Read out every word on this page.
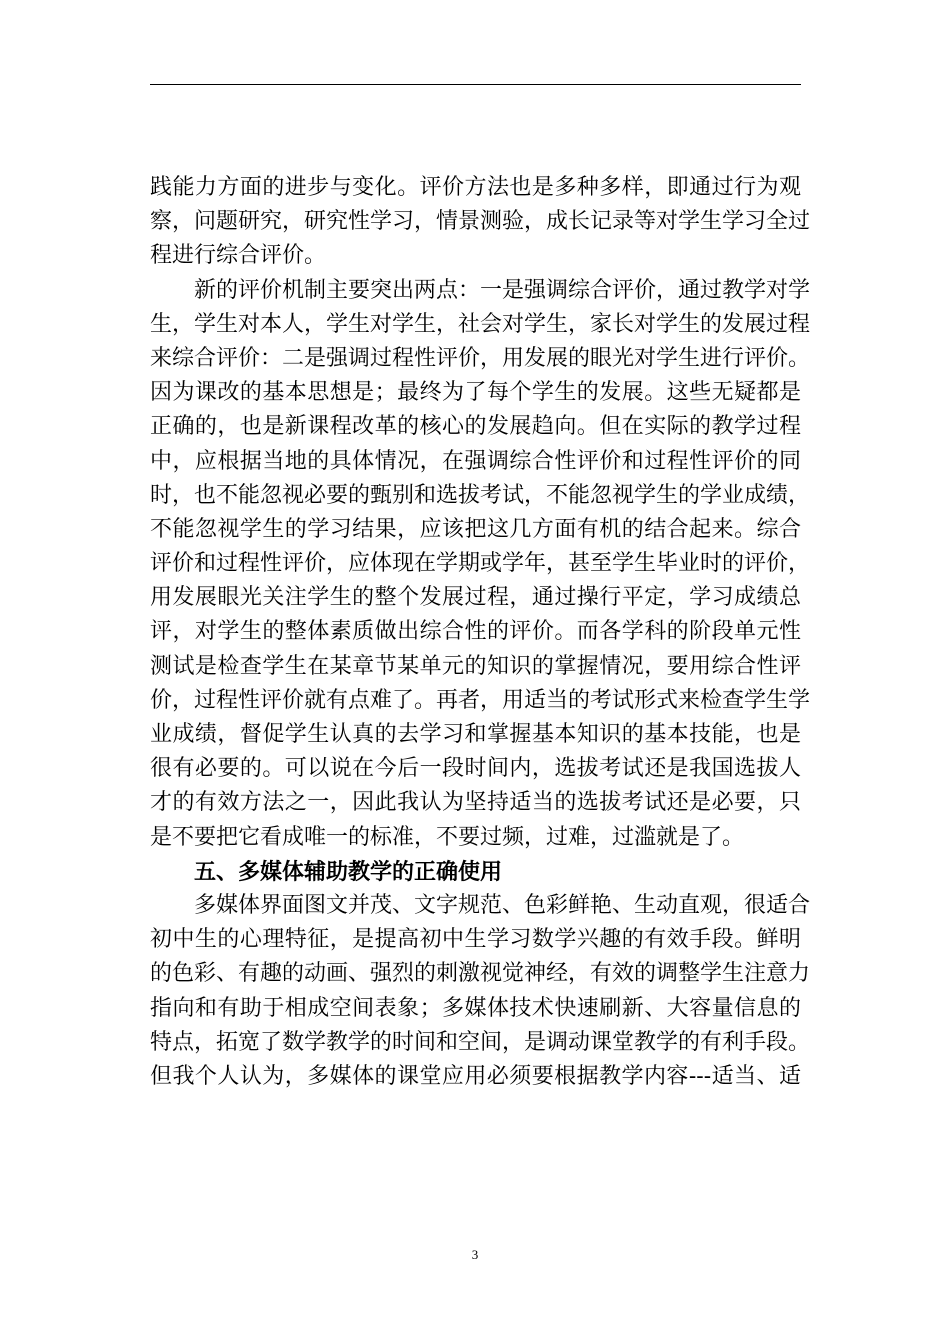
践能力方面的进步与变化。评价方法也是多种多样，即通过行为观
察，问题研究，研究性学习，情景测验，成长记录等对学生学习全过
程进行综合评价。
新的评价机制主要突出两点：一是强调综合评价，通过教学对学
生，学生对本人，学生对学生，社会对学生，家长对学生的发展过程
来综合评价：二是强调过程性评价，用发展的眼光对学生进行评价。
因为课改的基本思想是；最终为了每个学生的发展。这些无疑都是
正确的，也是新课程改革的核心的发展趋向。但在实际的教学过程
中，应根据当地的具体情况，在强调综合性评价和过程性评价的同
时，也不能忽视必要的甄别和选拔考试，不能忽视学生的学业成绩，
不能忽视学生的学习结果，应该把这几方面有机的结合起来。综合
评价和过程性评价，应体现在学期或学年，甚至学生毕业时的评价，
用发展眼光关注学生的整个发展过程，通过操行平定，学习成绩总
评，对学生的整体素质做出综合性的评价。而各学科的阶段单元性
测试是检查学生在某章节某单元的知识的掌握情况，要用综合性评
价，过程性评价就有点难了。再者，用适当的考试形式来检查学生学
业成绩，督促学生认真的去学习和掌握基本知识的基本技能，也是
很有必要的。可以说在今后一段时间内，选拔考试还是我国选拔人
才的有效方法之一，因此我认为坚持适当的选拔考试还是必要，只
是不要把它看成唯一的标准，不要过频，过难，过滥就是了。
五、多媒体辅助教学的正确使用
多媒体界面图文并茂、文字规范、色彩鲜艳、生动直观，很适合
初中生的心理特征，是提高初中生学习数学兴趣的有效手段。鲜明
的色彩、有趣的动画、强烈的刺激视觉神经，有效的调整学生注意力
指向和有助于相成空间表象；多媒体技术快速刷新、大容量信息的
特点，拓宽了数学教学的时间和空间，是调动课堂教学的有利手段。
但我个人认为，多媒体的课堂应用必须要根据教学内容---适当、适
3
